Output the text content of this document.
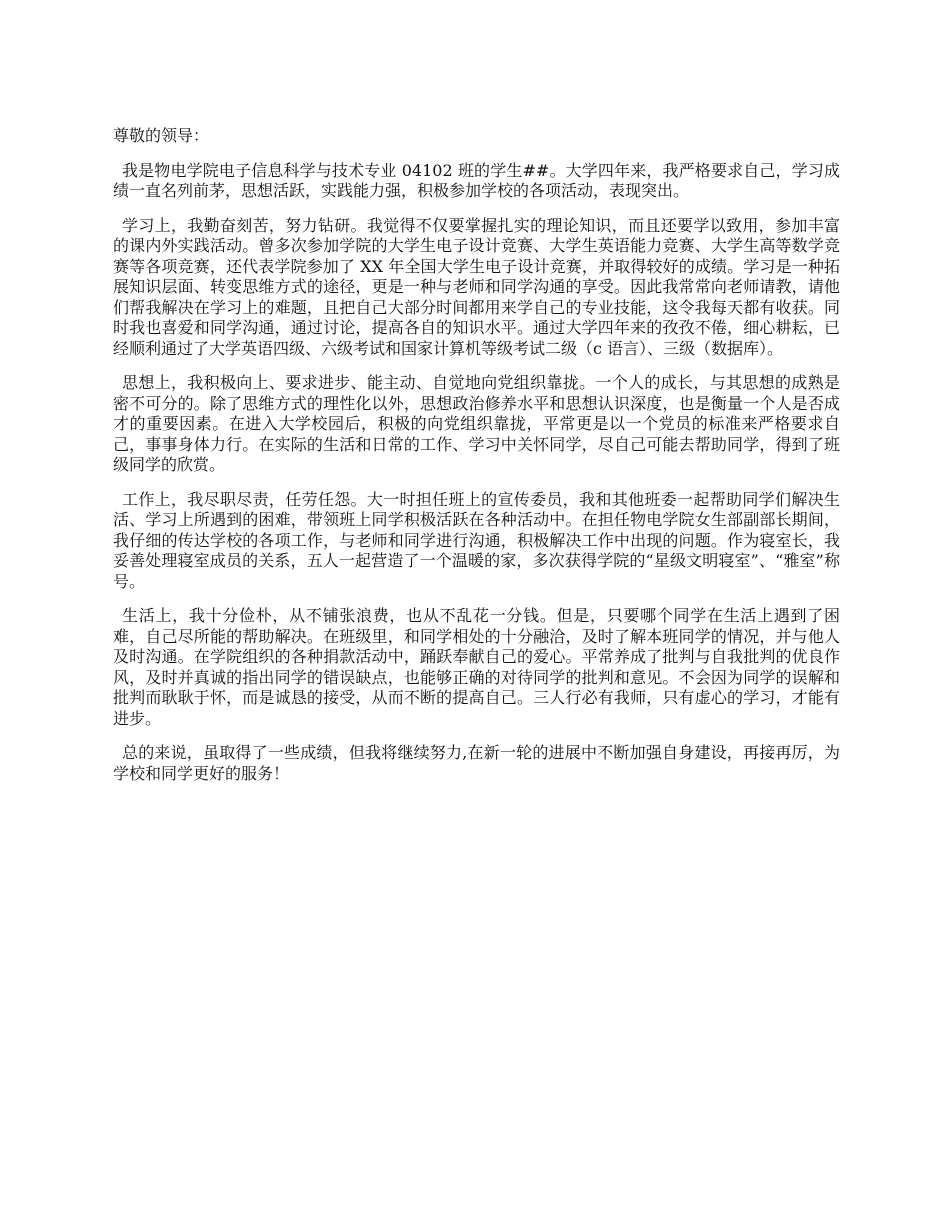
尊敬的领导：

我是物电学院电子信息科学与技术专业 04102 班的学生##。大学四年来，我严格要求自己，学习成绩一直名列前茅，思想活跃，实践能力强，积极参加学校的各项活动，表现突出。

学习上，我勤奋刻苦，努力钻研。我觉得不仅要掌握扎实的理论知识，而且还要学以致用，参加丰富的课内外实践活动。曾多次参加学院的大学生电子设计竞赛、大学生英语能力竞赛、大学生高等数学竞赛等各项竞赛，还代表学院参加了 XX 年全国大学生电子设计竞赛，并取得较好的成绩。学习是一种拓展知识层面、转变思维方式的途径，更是一种与老师和同学沟通的享受。因此我常常向老师请教，请他们帮我解决在学习上的难题，且把自己大部分时间都用来学自己的专业技能，这令我每天都有收获。同时我也喜爱和同学沟通，通过讨论，提高各自的知识水平。通过大学四年来的孜孜不倦，细心耕耘，已经顺利通过了大学英语四级、六级考试和国家计算机等级考试二级（c 语言）、三级（数据库）。

思想上，我积极向上、要求进步、能主动、自觉地向党组织靠拢。一个人的成长，与其思想的成熟是密不可分的。除了思维方式的理性化以外，思想政治修养水平和思想认识深度，也是衡量一个人是否成才的重要因素。在进入大学校园后，积极的向党组织靠拢，平常更是以一个党员的标准来严格要求自己，事事身体力行。在实际的生活和日常的工作、学习中关怀同学，尽自己可能去帮助同学，得到了班级同学的欣赏。

工作上，我尽职尽责，任劳任怨。大一时担任班上的宣传委员，我和其他班委一起帮助同学们解决生活、学习上所遇到的困难，带领班上同学积极活跃在各种活动中。在担任物电学院女生部副部长期间，我仔细的传达学校的各项工作，与老师和同学进行沟通，积极解决工作中出现的问题。作为寝室长，我妥善处理寝室成员的关系，五人一起营造了一个温暖的家，多次获得学院的“星级文明寝室”、“雅室”称号。

生活上，我十分俭朴，从不铺张浪费，也从不乱花一分钱。但是，只要哪个同学在生活上遇到了困难，自己尽所能的帮助解决。在班级里，和同学相处的十分融洽，及时了解本班同学的情况，并与他人及时沟通。在学院组织的各种捐款活动中，踊跃奉献自己的爱心。平常养成了批判与自我批判的优良作风，及时并真诚的指出同学的错误缺点，也能够正确的对待同学的批判和意见。不会因为同学的误解和批判而耿耿于怀，而是诚恳的接受，从而不断的提高自己。三人行必有我师，只有虚心的学习，才能有进步。

总的来说，虽取得了一些成绩，但我将继续努力,在新一轮的进展中不断加强自身建设，再接再厉，为学校和同学更好的服务！
